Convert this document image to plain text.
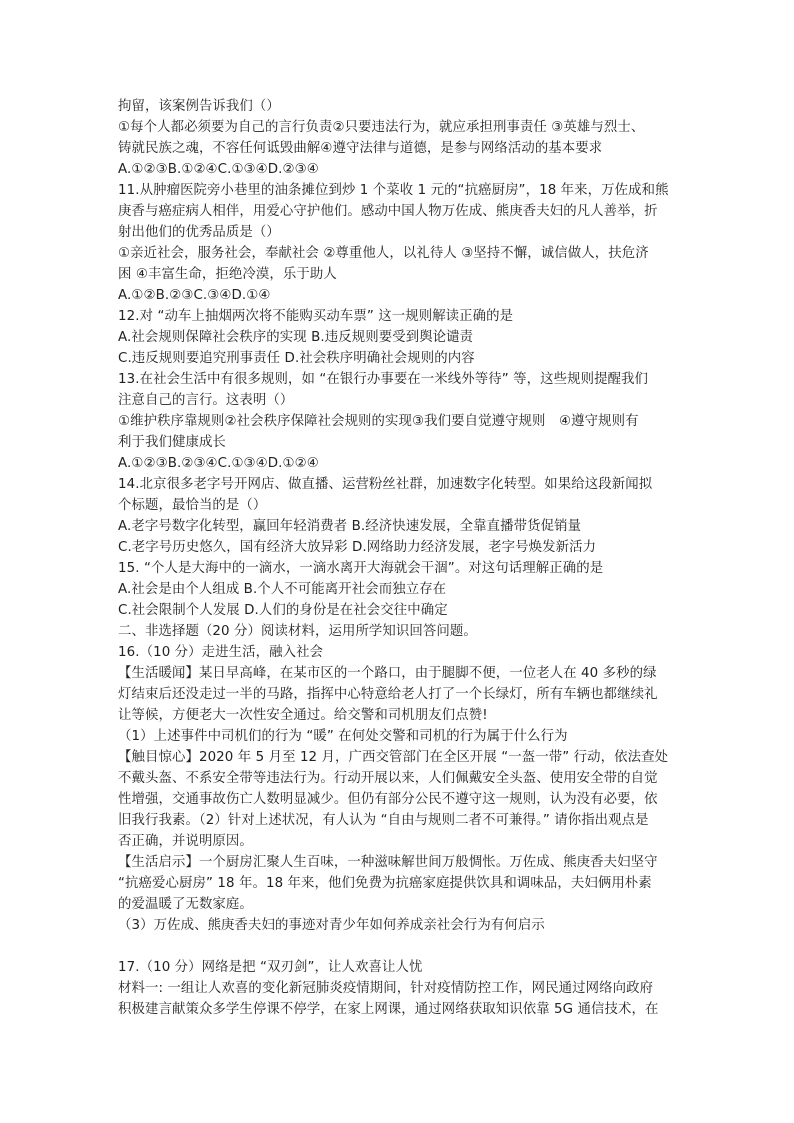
拘留，该案例告诉我们（）
①每个人都必须要为自己的言行负责②只要违法行为，就应承担刑事责任 ③英雄与烈士、
铸就民族之魂，不容任何诋毁曲解④遵守法律与道德，是参与网络活动的基本要求
A.①②③B.①②④C.①③④D.②③④
11.从肿瘤医院旁小巷里的油条摊位到炒 1 个菜收 1 元的“抗癌厨房”，18 年来，万佐成和熊
庚香与癌症病人相伴，用爱心守护他们。感动中国人物万佐成、熊庚香夫妇的凡人善举，折
射出他们的优秀品质是（）
①亲近社会，服务社会，奉献社会 ②尊重他人，以礼待人 ③坚持不懈，诚信做人，扶危济
困 ④丰富生命，拒绝冷漠，乐于助人
A.①②B.②③C.③④D.①④
12.对 “动车上抽烟两次将不能购买动车票” 这一规则解读正确的是
A.社会规则保障社会秩序的实现 B.违反规则要受到舆论谴责
C.违反规则要追究刑事责任 D.社会秩序明确社会规则的内容
13.在社会生活中有很多规则，如 “在银行办事要在一米线外等待” 等，这些规则提醒我们
注意自己的言行。这表明（）
①维护秩序靠规则②社会秩序保障社会规则的实现③我们要自觉遵守规则　④遵守规则有
利于我们健康成长
A.①②③B.②③④C.①③④D.①②④
14.北京很多老字号开网店、做直播、运营粉丝社群，加速数字化转型。如果给这段新闻拟
个标题，最恰当的是（）
A.老字号数字化转型，赢回年轻消费者 B.经济快速发展，全靠直播带货促销量
C.老字号历史悠久，国有经济大放异彩 D.网络助力经济发展，老字号焕发新活力
15. “个人是大海中的一滴水，一滴水离开大海就会干涸”。对这句话理解正确的是
A.社会是由个人组成 B.个人不可能离开社会而独立存在
C.社会限制个人发展 D.人们的身份是在社会交往中确定
二、非选择题（20 分）阅读材料，运用所学知识回答问题。
16.（10 分）走进生活，融入社会
【生活暖闻】某日早高峰，在某市区的一个路口，由于腿脚不便，一位老人在 40 多秒的绿
灯结束后还没走过一半的马路，指挥中心特意给老人打了一个长绿灯，所有车辆也都继续礼
让等候，方便老大一次性安全通过。给交警和司机朋友们点赞!
（1）上述事件中司机们的行为 “暖” 在何处交警和司机的行为属于什么行为
【触目惊心】2020 年 5 月至 12 月，广西交管部门在全区开展 “一盔一带” 行动，依法查处
不戴头盔、不系安全带等违法行为。行动开展以来，人们佩戴安全头盔、使用安全带的自觉
性增强，交通事故伤亡人数明显减少。但仍有部分公民不遵守这一规则，认为没有必要，依
旧我行我素。（2）针对上述状况，有人认为 “自由与规则二者不可兼得。” 请你指出观点是
否正确，并说明原因。
【生活启示】一个厨房汇聚人生百味，一种滋味解世间万般惆怅。万佐成、熊庚香夫妇坚守
“抗癌爱心厨房” 18 年。18 年来，他们免费为抗癌家庭提供饮具和调味品，夫妇俩用朴素
的爱温暖了无数家庭。
（3）万佐成、熊庚香夫妇的事迹对青少年如何养成亲社会行为有何启示
17.（10 分）网络是把 “双刃剑”，让人欢喜让人忧
材料一: 一组让人欢喜的变化新冠肺炎疫情期间，针对疫情防控工作，网民通过网络向政府
积极建言献策众多学生停课不停学，在家上网课，通过网络获取知识依靠 5G 通信技术，在
